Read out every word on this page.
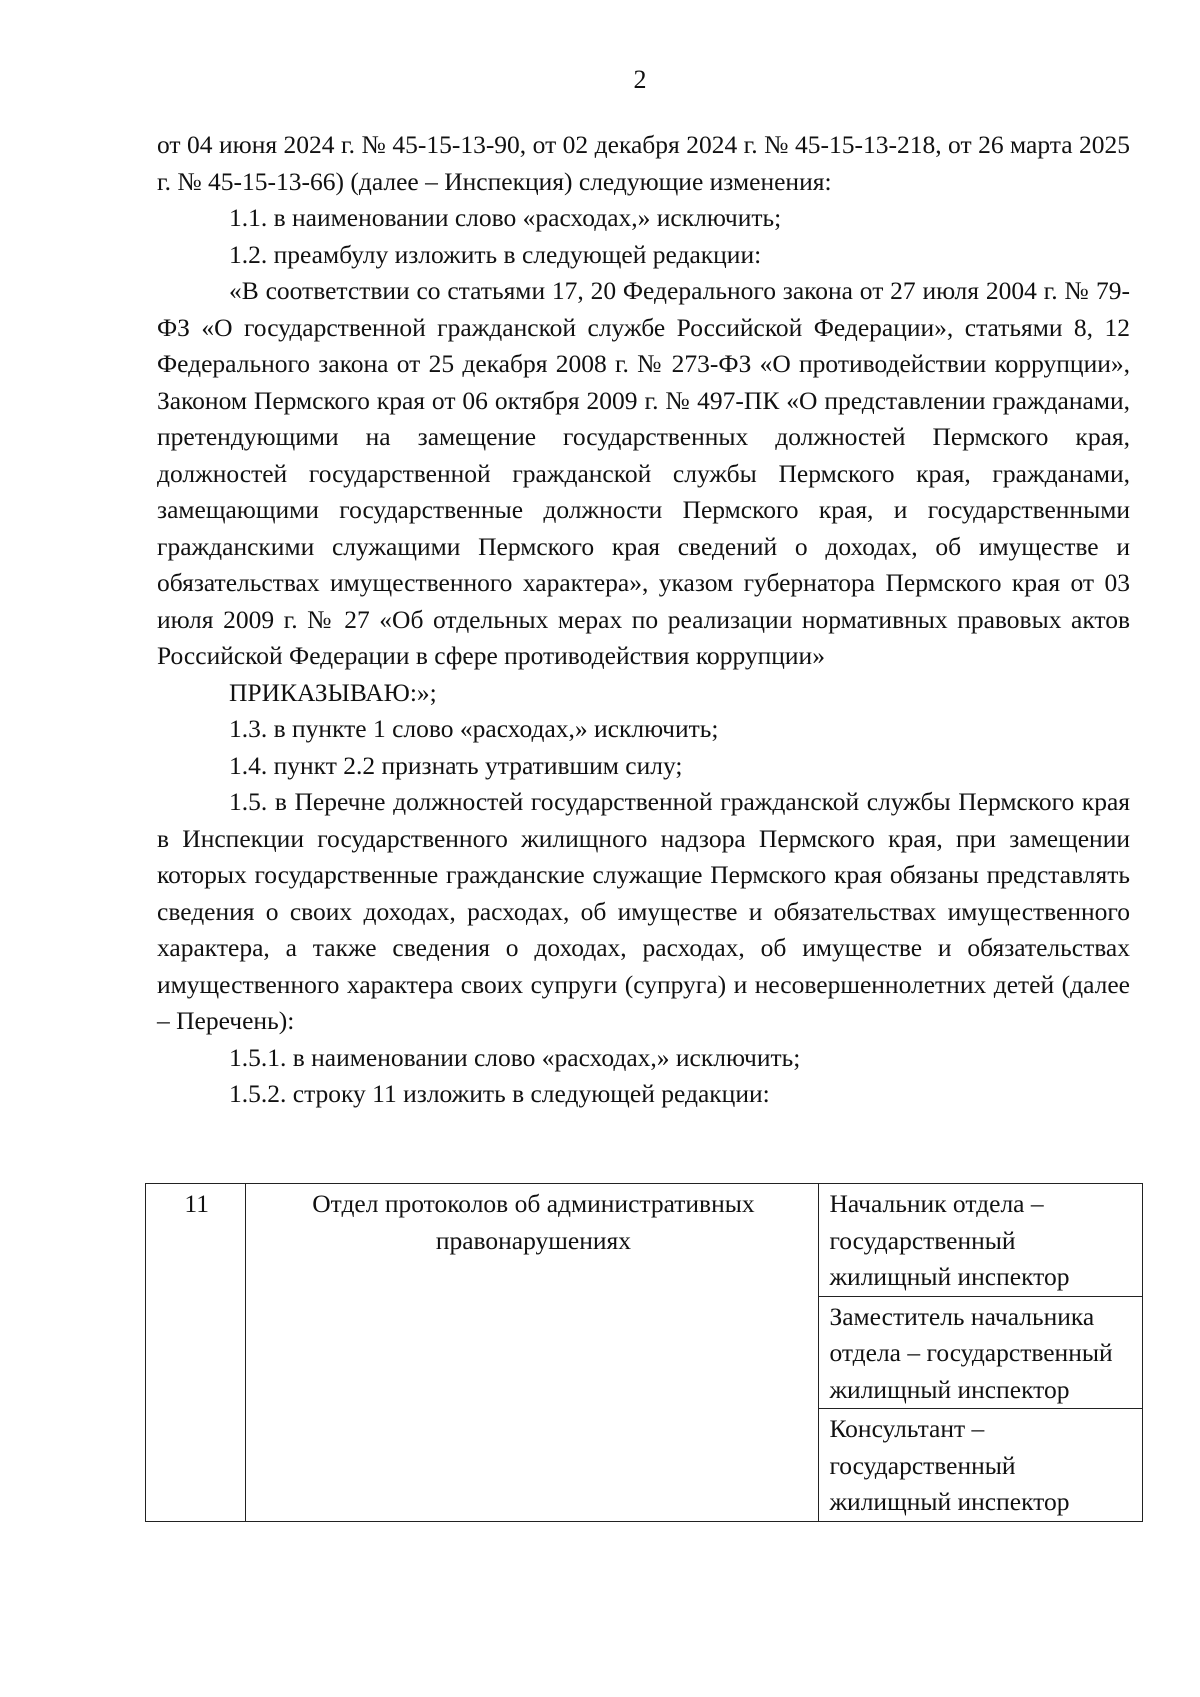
2

от 04 июня 2024 г. № 45-15-13-90, от 02 декабря 2024 г. № 45-15-13-218, от 26 марта 2025 г. № 45-15-13-66) (далее – Инспекция) следующие изменения:

1.1. в наименовании слово «расходах,» исключить;

1.2. преамбулу изложить в следующей редакции:

«В соответствии со статьями 17, 20 Федерального закона от 27 июля 2004 г. № 79-ФЗ «О государственной гражданской службе Российской Федерации», статьями 8, 12 Федерального закона от 25 декабря 2008 г. № 273-ФЗ «О противодействии коррупции», Законом Пермского края от 06 октября 2009 г. № 497-ПК «О представлении гражданами, претендующими на замещение государственных должностей Пермского края, должностей государственной гражданской службы Пермского края, гражданами, замещающими государственные должности Пермского края, и государственными гражданскими служащими Пермского края сведений о доходах, об имуществе и обязательствах имущественного характера», указом губернатора Пермского края от 03 июля 2009 г. № 27 «Об отдельных мерах по реализации нормативных правовых актов Российской Федерации в сфере противодействия коррупции»

ПРИКАЗЫВАЮ:»;

1.3. в пункте 1 слово «расходах,» исключить;

1.4. пункт 2.2 признать утратившим силу;

1.5. в Перечне должностей государственной гражданской службы Пермского края в Инспекции государственного жилищного надзора Пермского края, при замещении которых государственные гражданские служащие Пермского края обязаны представлять сведения о своих доходах, расходах, об имуществе и обязательствах имущественного характера, а также сведения о доходах, расходах, об имуществе и обязательствах имущественного характера своих супруги (супруга) и несовершеннолетних детей (далее – Перечень):

1.5.1. в наименовании слово «расходах,» исключить;

1.5.2. строку 11 изложить в следующей редакции:

11	Отдел протоколов об административных правонарушениях	Начальник отдела – государственный жилищный инспектор
Заместитель начальника отдела – государственный жилищный инспектор
Консультант – государственный жилищный инспектор
